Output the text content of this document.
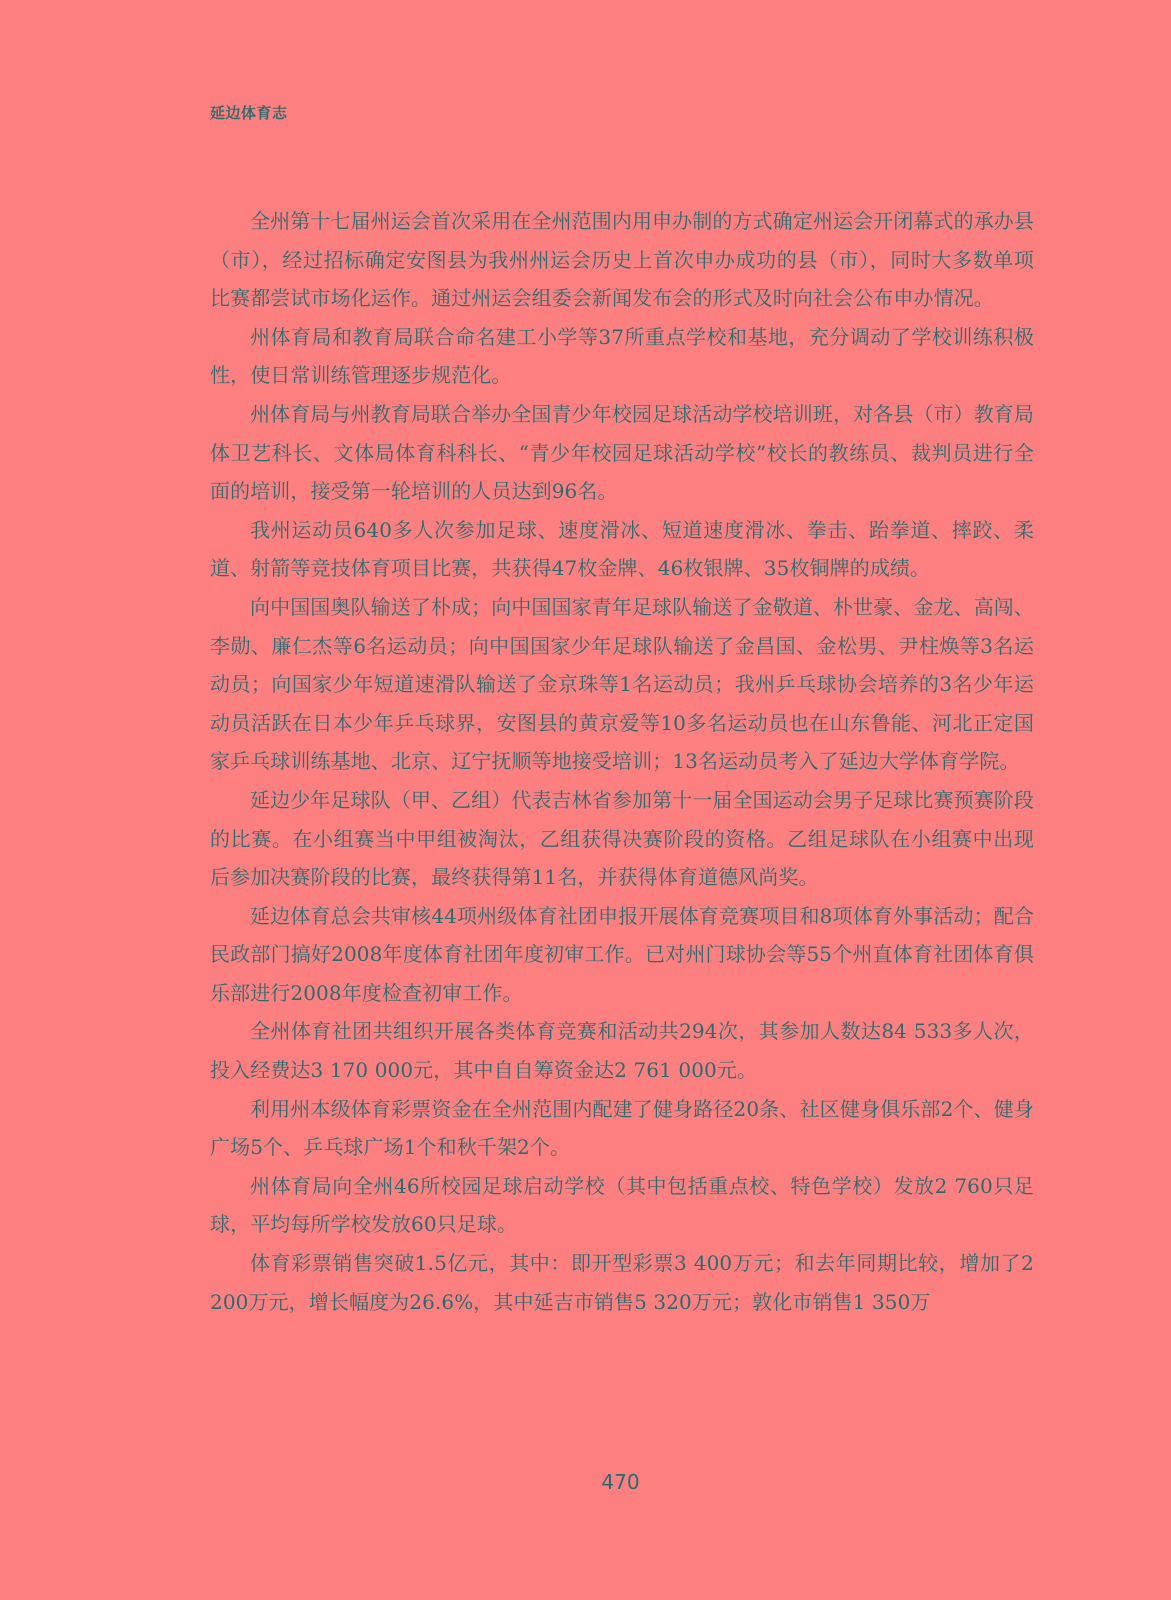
延边体育志

全州第十七届州运会首次采用在全州范围内用申办制的方式确定州运会开闭幕式的承办县（市），经过招标确定安图县为我州州运会历史上首次申办成功的县（市），同时大多数单项比赛都尝试市场化运作。通过州运会组委会新闻发布会的形式及时向社会公布申办情况。

州体育局和教育局联合命名建工小学等37所重点学校和基地，充分调动了学校训练积极性，使日常训练管理逐步规范化。

州体育局与州教育局联合举办全国青少年校园足球活动学校培训班，对各县（市）教育局体卫艺科长、文体局体育科科长、“青少年校园足球活动学校”校长的教练员、裁判员进行全面的培训，接受第一轮培训的人员达到96名。

我州运动员640多人次参加足球、速度滑冰、短道速度滑冰、拳击、跆拳道、摔跤、柔道、射箭等竞技体育项目比赛，共获得47枚金牌、46枚银牌、35枚铜牌的成绩。

向中国国奥队输送了朴成；向中国国家青年足球队输送了金敬道、朴世豪、金龙、高闯、李勋、廉仁杰等6名运动员；向中国国家少年足球队输送了金昌国、金松男、尹柱焕等3名运动员；向国家少年短道速滑队输送了金京珠等1名运动员；我州乒乓球协会培养的3名少年运动员活跃在日本少年乒乓球界，安图县的黄京爱等10多名运动员也在山东鲁能、河北正定国家乒乓球训练基地、北京、辽宁抚顺等地接受培训；13名运动员考入了延边大学体育学院。

延边少年足球队（甲、乙组）代表吉林省参加第十一届全国运动会男子足球比赛预赛阶段的比赛。在小组赛当中甲组被淘汰，乙组获得决赛阶段的资格。乙组足球队在小组赛中出现后参加决赛阶段的比赛，最终获得第11名，并获得体育道德风尚奖。

延边体育总会共审核44项州级体育社团申报开展体育竞赛项目和8项体育外事活动；配合民政部门搞好2008年度体育社团年度初审工作。已对州门球协会等55个州直体育社团体育俱乐部进行2008年度检查初审工作。

全州体育社团共组织开展各类体育竞赛和活动共294次，其参加人数达84 533多人次，投入经费达3 170 000元，其中自自筹资金达2 761 000元。

利用州本级体育彩票资金在全州范围内配建了健身路径20条、社区健身俱乐部2个、健身广场5个、乒乓球广场1个和秋千架2个。

州体育局向全州46所校园足球启动学校（其中包括重点校、特色学校）发放2 760只足球，平均每所学校发放60只足球。

体育彩票销售突破1.5亿元，其中：即开型彩票3 400万元；和去年同期比较，增加了2 200万元，增长幅度为26.6%，其中延吉市销售5 320万元；敦化市销售1 350万

470
